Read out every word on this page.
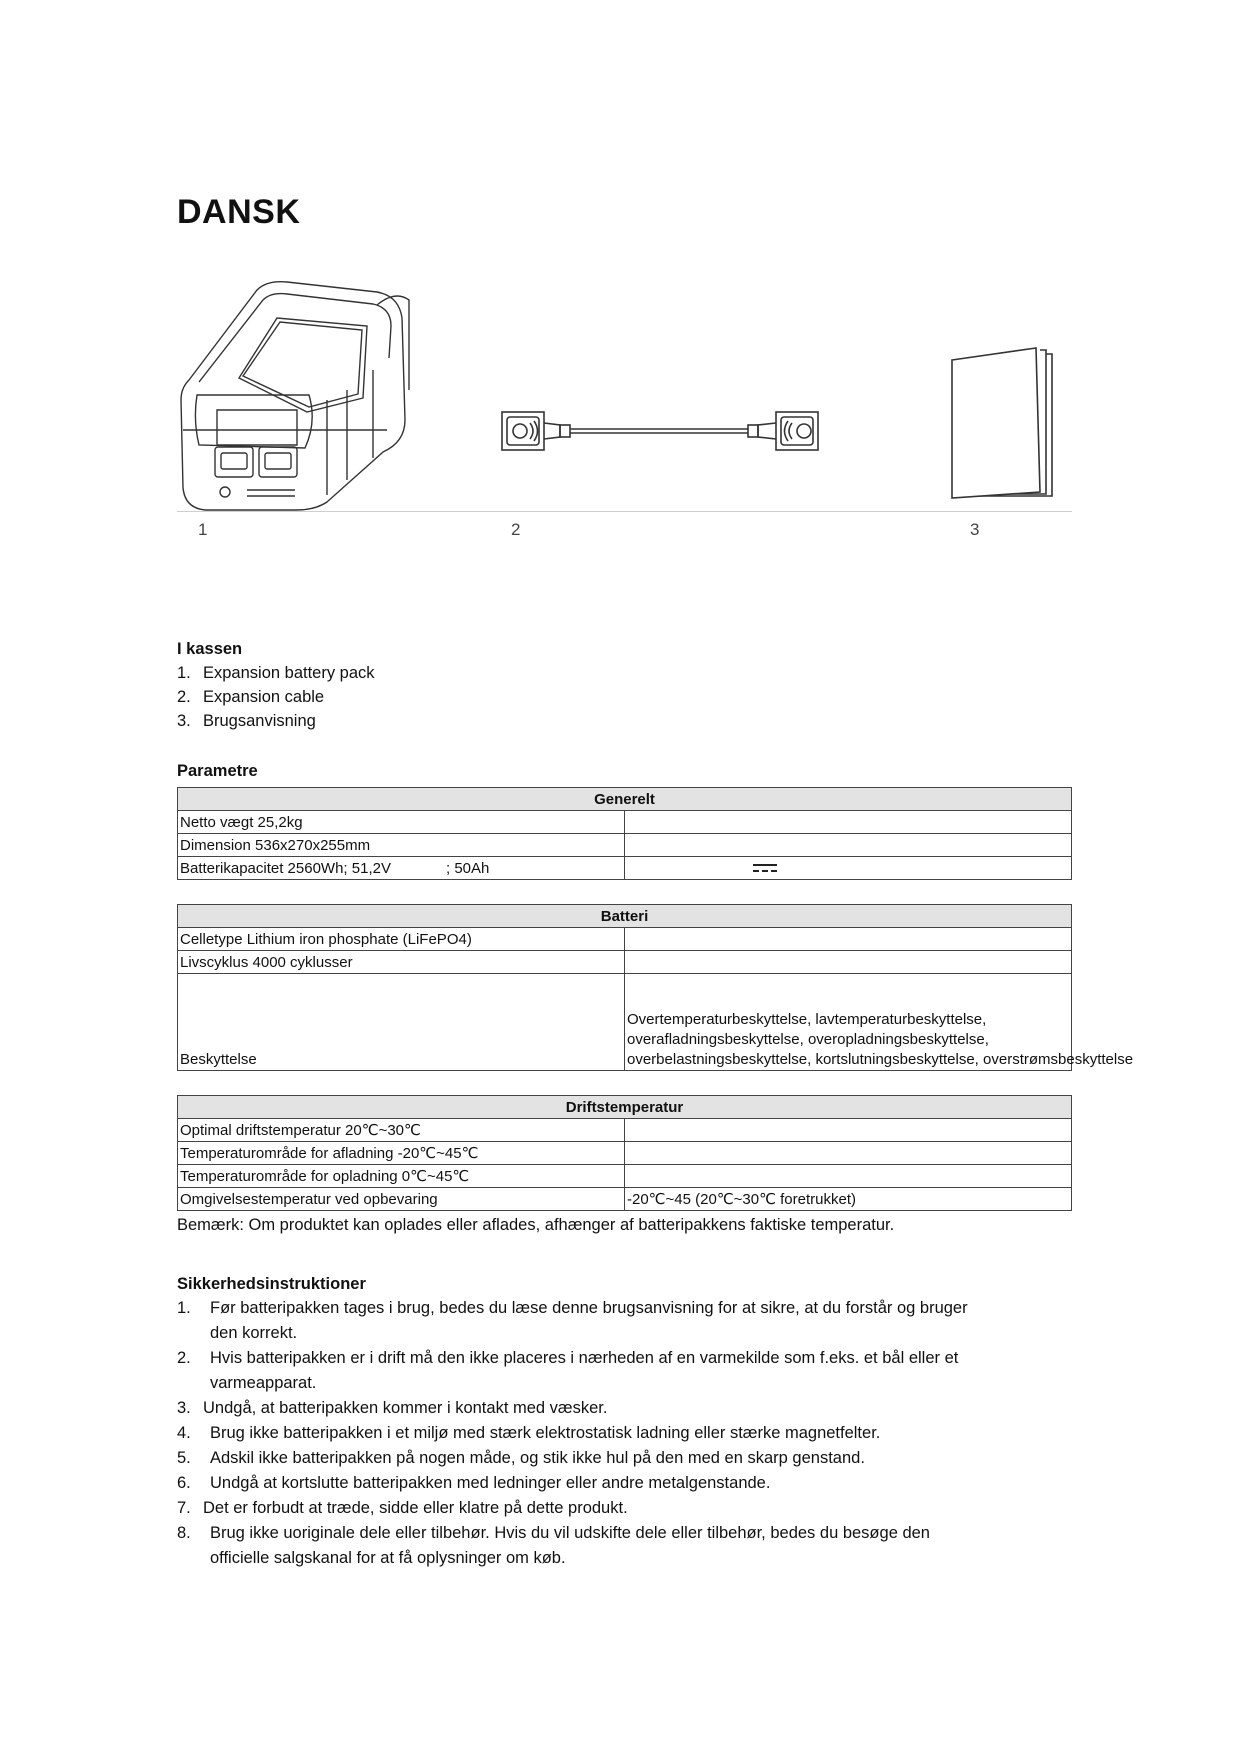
DANSK
1	2	3
I kassen
1. Expansion battery pack
2. Expansion cable
3. Brugsanvisning
Parametre
Generelt	
Netto vægt 25,2kg	
Dimension 536x270x255mm	
Batterikapacitet 2560Wh; 51,2V ; 50Ah	

Batteri	
Celletype Lithium iron phosphate (LiFePO4)	
Livscyklus 4000 cyklusser	
Beskyttelse	Overtemperaturbeskyttelse, lavtemperaturbeskyttelse,
overafladningsbeskyttelse, overopladningsbeskyttelse,
overbelastningsbeskyttelse, kortslutningsbeskyttelse, overstrømsbeskyttelse
Driftstemperatur	
Optimal driftstemperatur 20℃~30℃	
Temperaturområde for afladning -20℃~45℃	
Temperaturområde for opladning 0℃~45℃	
Omgivelsestemperatur ved opbevaring	-20℃~45 (20℃~30℃ foretrukket)
Bemærk: Om produktet kan oplades eller aflades, afhænger af batteripakkens faktiske temperatur.
Sikkerhedsinstruktioner
1. Før batteripakken tages i brug, bedes du læse denne brugsanvisning for at sikre, at du forstår og bruger
den korrekt.
2. Hvis batteripakken er i drift må den ikke placeres i nærheden af en varmekilde som f.eks. et bål eller et
varmeapparat.
3. Undgå, at batteripakken kommer i kontakt med væsker.
4. Brug ikke batteripakken i et miljø med stærk elektrostatisk ladning eller stærke magnetfelter.
5. Adskil ikke batteripakken på nogen måde, og stik ikke hul på den med en skarp genstand.
6. Undgå at kortslutte batteripakken med ledninger eller andre metalgenstande.
7. Det er forbudt at træde, sidde eller klatre på dette produkt.
8. Brug ikke uoriginale dele eller tilbehør. Hvis du vil udskifte dele eller tilbehør, bedes du besøge den
officielle salgskanal for at få oplysninger om køb.
